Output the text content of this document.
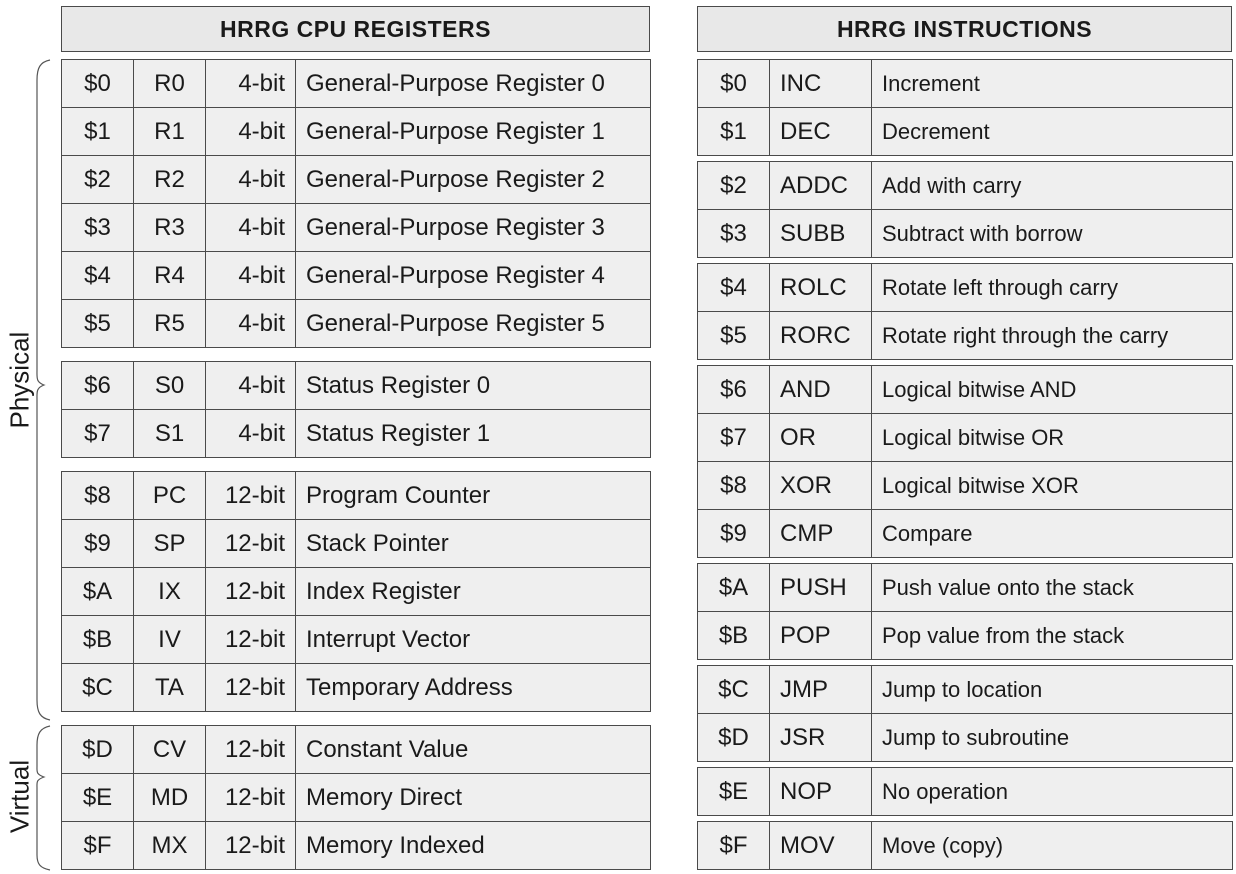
HRRG CPU REGISTERS
$0	R0	4-bit	General-Purpose Register 0
$1	R1	4-bit	General-Purpose Register 1
$2	R2	4-bit	General-Purpose Register 2
$3	R3	4-bit	General-Purpose Register 3
$4	R4	4-bit	General-Purpose Register 4
$5	R5	4-bit	General-Purpose Register 5
$6	S0	4-bit	Status Register 0
$7	S1	4-bit	Status Register 1
$8	PC	12-bit	Program Counter
$9	SP	12-bit	Stack Pointer
$A	IX	12-bit	Index Register
$B	IV	12-bit	Interrupt Vector
$C	TA	12-bit	Temporary Address
$D	CV	12-bit	Constant Value
$E	MD	12-bit	Memory Direct
$F	MX	12-bit	Memory Indexed
Physical
Virtual
HRRG INSTRUCTIONS
$0	INC	Increment
$1	DEC	Decrement
$2	ADDC	Add with carry
$3	SUBB	Subtract with borrow
$4	ROLC	Rotate left through carry
$5	RORC	Rotate right through the carry
$6	AND	Logical bitwise AND
$7	OR	Logical bitwise OR
$8	XOR	Logical bitwise XOR
$9	CMP	Compare
$A	PUSH	Push value onto the stack
$B	POP	Pop value from the stack
$C	JMP	Jump to location
$D	JSR	Jump to subroutine
$E	NOP	No operation
$F	MOV	Move (copy)
